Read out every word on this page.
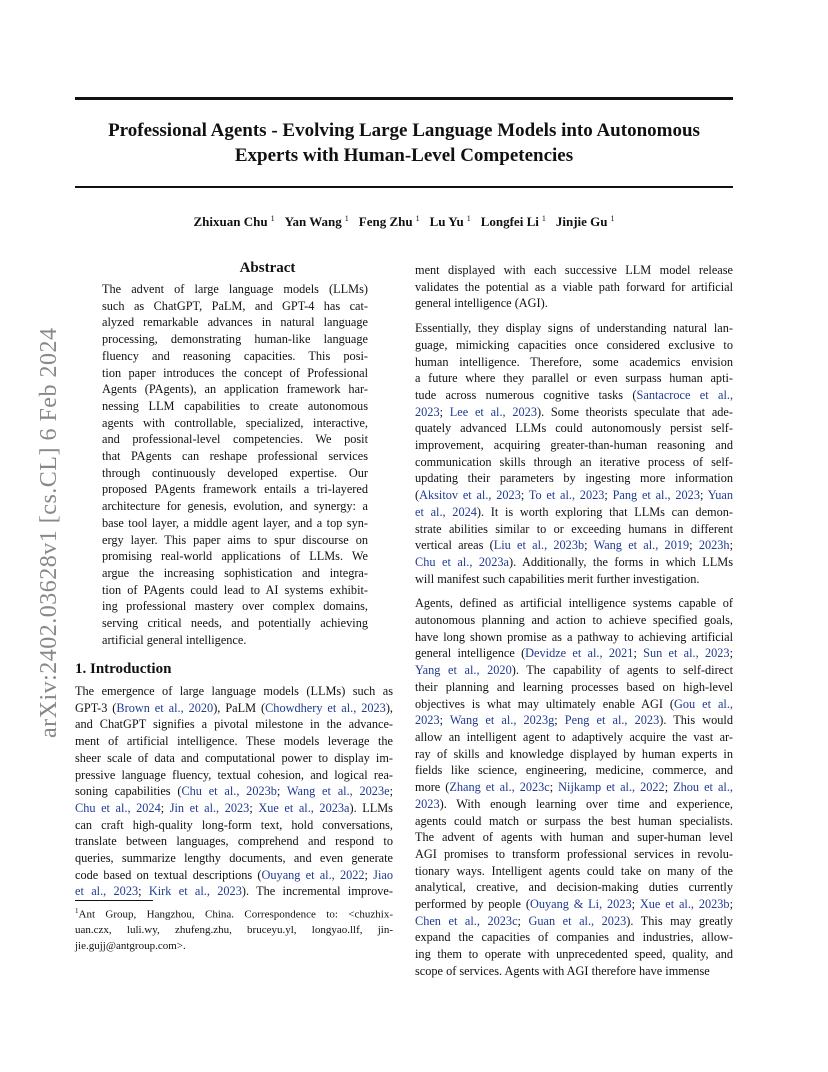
Professional Agents - Evolving Large Language Models into Autonomous
Experts with Human-Level Competencies
Zhixuan Chu $^1$ Yan Wang $^1$ Feng Zhu $^1$ Lu Yu $^1$ Longfei Li $^1$ Jinjie Gu $^1$
arXiv:2402.03628v1 [cs.CL] 6 Feb 2024
Abstract

The advent of large language models (LLMs)

such as ChatGPT, PaLM, and GPT-4 has cat-

alyzed remarkable advances in natural language

processing, demonstrating human-like language

fluency and reasoning capacities. This posi-

tion paper introduces the concept of Professional

Agents (PAgents), an application framework har-

nessing LLM capabilities to create autonomous

agents with controllable, specialized, interactive,

and professional-level competencies. We posit

that PAgents can reshape professional services

through continuously developed expertise. Our

proposed PAgents framework entails a tri-layered

architecture for genesis, evolution, and synergy: a

base tool layer, a middle agent layer, and a top syn-

ergy layer. This paper aims to spur discourse on

promising real-world applications of LLMs. We

argue the increasing sophistication and integra-

tion of PAgents could lead to AI systems exhibit-

ing professional mastery over complex domains,

serving critical needs, and potentially achieving

artificial general intelligence.

1. Introduction

The emergence of large language models (LLMs) such as

GPT-3 (Brown et al., 2020), PaLM (Chowdhery et al., 2023),

and ChatGPT signifies a pivotal milestone in the advance-

ment of artificial intelligence. These models leverage the

sheer scale of data and computational power to display im-

pressive language fluency, textual cohesion, and logical rea-

soning capabilities (Chu et al., 2023b; Wang et al., 2023e;

Chu et al., 2024; Jin et al., 2023; Xue et al., 2023a). LLMs

can craft high-quality long-form text, hold conversations,

translate between languages, comprehend and respond to

queries, summarize lengthy documents, and even generate

code based on textual descriptions (Ouyang et al., 2022; Jiao

et al., 2023; Kirk et al., 2023). The incremental improve-

$^1$Ant Group, Hangzhou, China. Correspondence to: <chuzhix-

uan.czx, luli.wy, zhufeng.zhu, bruceyu.yl, longyao.llf, jin-

jie.gujj@antgroup.com>.

ment displayed with each successive LLM model release

validates the potential as a viable path forward for artificial

general intelligence (AGI).

Essentially, they display signs of understanding natural lan-

guage, mimicking capacities once considered exclusive to

human intelligence. Therefore, some academics envision

a future where they parallel or even surpass human apti-

tude across numerous cognitive tasks (Santacroce et al.,

2023; Lee et al., 2023). Some theorists speculate that ade-

quately advanced LLMs could autonomously persist self-

improvement, acquiring greater-than-human reasoning and

communication skills through an iterative process of self-

updating their parameters by ingesting more information

(Aksitov et al., 2023; To et al., 2023; Pang et al., 2023; Yuan

et al., 2024). It is worth exploring that LLMs can demon-

strate abilities similar to or exceeding humans in different

vertical areas (Liu et al., 2023b; Wang et al., 2019; 2023h;

Chu et al., 2023a). Additionally, the forms in which LLMs

will manifest such capabilities merit further investigation.

Agents, defined as artificial intelligence systems capable of

autonomous planning and action to achieve specified goals,

have long shown promise as a pathway to achieving artificial

general intelligence (Devidze et al., 2021; Sun et al., 2023;

Yang et al., 2020). The capability of agents to self-direct

their planning and learning processes based on high-level

objectives is what may ultimately enable AGI (Gou et al.,

2023; Wang et al., 2023g; Peng et al., 2023). This would

allow an intelligent agent to adaptively acquire the vast ar-

ray of skills and knowledge displayed by human experts in

fields like science, engineering, medicine, commerce, and

more (Zhang et al., 2023c; Nijkamp et al., 2022; Zhou et al.,

2023). With enough learning over time and experience,

agents could match or surpass the best human specialists.

The advent of agents with human and super-human level

AGI promises to transform professional services in revolu-

tionary ways. Intelligent agents could take on many of the

analytical, creative, and decision-making duties currently

performed by people (Ouyang & Li, 2023; Xue et al., 2023b;

Chen et al., 2023c; Guan et al., 2023). This may greatly

expand the capacities of companies and industries, allow-

ing them to operate with unprecedented speed, quality, and

scope of services. Agents with AGI therefore have immense
